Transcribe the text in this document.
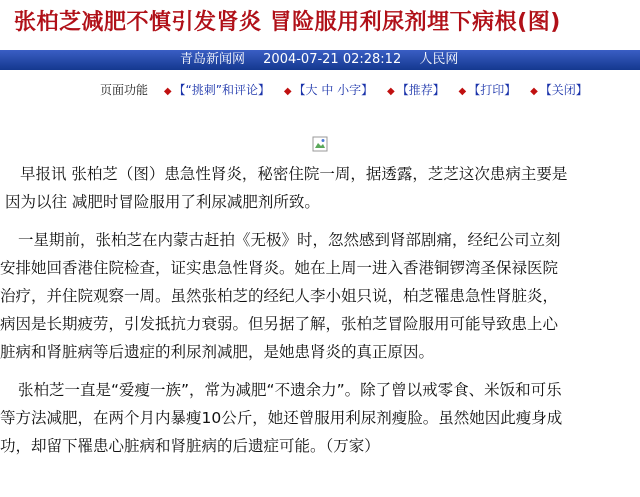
张柏芝减肥不慎引发肾炎 冒险服用利尿剂埋下病根(图)
青岛新闻网 2004-07-21 02:28:12 人民网
页面功能 ◆ 【“挑刺”和评论】 ◆ 【大 中 小字】 ◆ 【推荐】 ◆ 【打印】 ◆ 【关闭】

早报讯 张柏芝（图）患急性肾炎，秘密住院一周，据透露，芝芝这次患病主要是
因为以往 减肥时冒险服用了利尿减肥剂所致。

一星期前，张柏芝在内蒙古赶拍《无极》时，忽然感到肾部剧痛，经纪公司立刻
安排她回香港住院检查，证实患急性肾炎。她在上周一进入香港铜锣湾圣保禄医院
治疗，并住院观察一周。虽然张柏芝的经纪人李小姐只说，柏芝罹患急性肾脏炎，
病因是长期疲劳，引发抵抗力衰弱。但另据了解，张柏芝冒险服用可能导致患上心
脏病和肾脏病等后遗症的利尿剂减肥，是她患肾炎的真正原因。

张柏芝一直是“爱瘦一族”，常为减肥“不遗余力”。除了曾以戒零食、米饭和可乐
等方法减肥，在两个月内暴瘦10公斤，她还曾服用利尿剂瘦脸。虽然她因此瘦身成
功，却留下罹患心脏病和肾脏病的后遗症可能。（万家）
